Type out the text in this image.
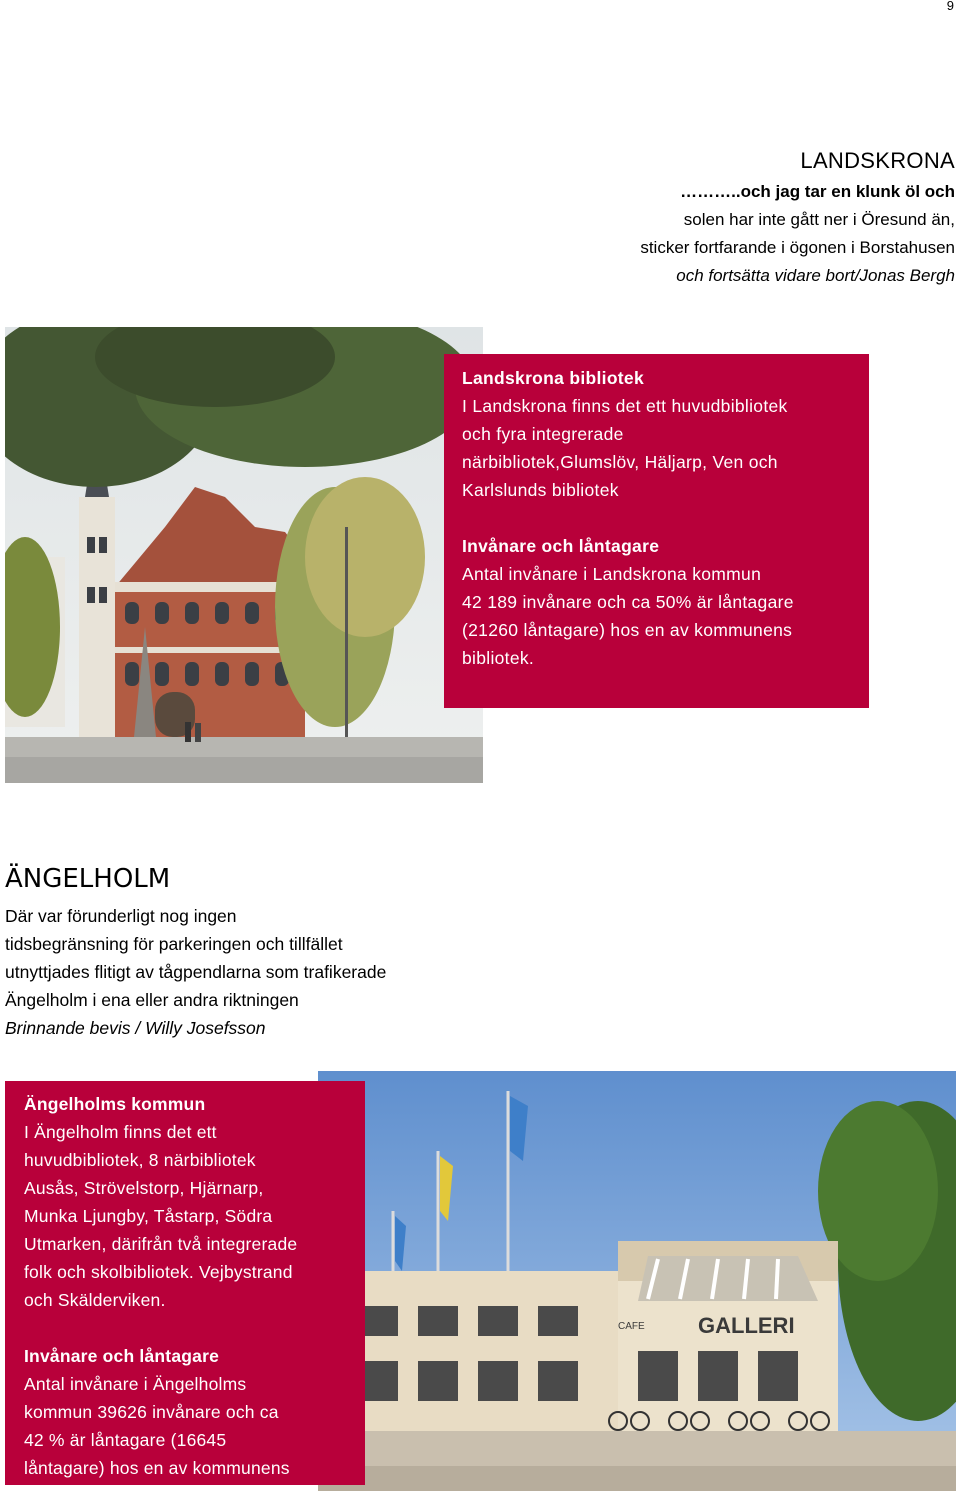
9
LANDSKRONA
………..och jag tar en klunk öl och
solen har inte gått ner i Öresund än,
sticker fortfarande i ögonen i Borstahusen
och fortsätta vidare bort/Jonas Bergh
Landskrona bibliotek
I Landskrona finns det ett huvudbibliotek
och fyra integrerade
närbibliotek,Glumslöv, Häljarp, Ven och
Karlslunds bibliotek
Invånare och låntagare
Antal invånare i Landskrona kommun
42 189 invånare och ca 50% är låntagare
(21260 låntagare) hos en av kommunens
bibliotek.
ÄNGELHOLM
Där var förunderligt nog ingen
tidsbegränsning för parkeringen och tillfället
utnyttjades flitigt av tågpendlarna som trafikerade
Ängelholm i ena eller andra riktningen
Brinnande bevis / Willy Josefsson
GALLERI
CAFE
Ängelholms kommun
I Ängelholm finns det ett
huvudbibliotek, 8 närbibliotek
Ausås, Strövelstorp, Hjärnarp,
Munka Ljungby, Tåstarp, Södra
Utmarken, därifrån två integrerade
folk och skolbibliotek. Vejbystrand
och Skälderviken.
Invånare och låntagare
Antal invånare i Ängelholms
kommun 39626 invånare och ca
42 % är låntagare (16645
låntagare) hos en av kommunens
